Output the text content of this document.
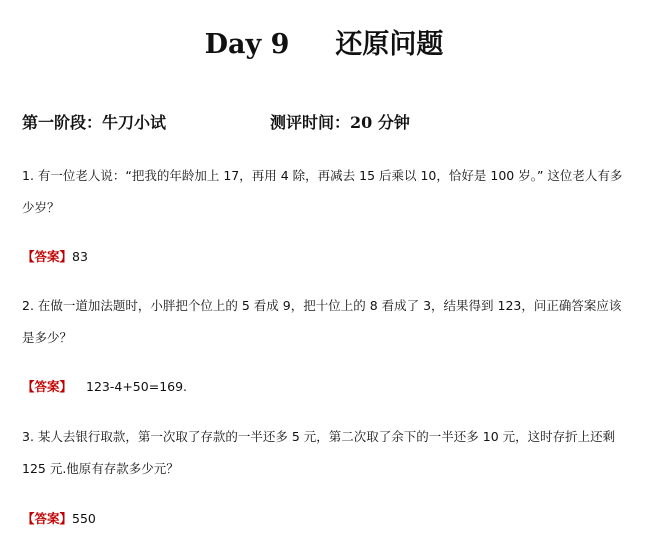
Day 9 还原问题
第一阶段：牛刀小试	测评时间：20 分钟
1. 有一位老人说：“把我的年龄加上 17，再用 4 除，再减去 15 后乘以 10，恰好是 100 岁。” 这位老人有多少岁？
【答案】83
2. 在做一道加法题时，小胖把个位上的 5 看成 9，把十位上的 8 看成了 3，结果得到 123，问正确答案应该是多少？
【答案】 123-4+50=169.
3. 某人去银行取款，第一次取了存款的一半还多 5 元，第二次取了余下的一半还多 10 元，这时存折上还剩 125 元.他原有存款多少元？
【答案】550
